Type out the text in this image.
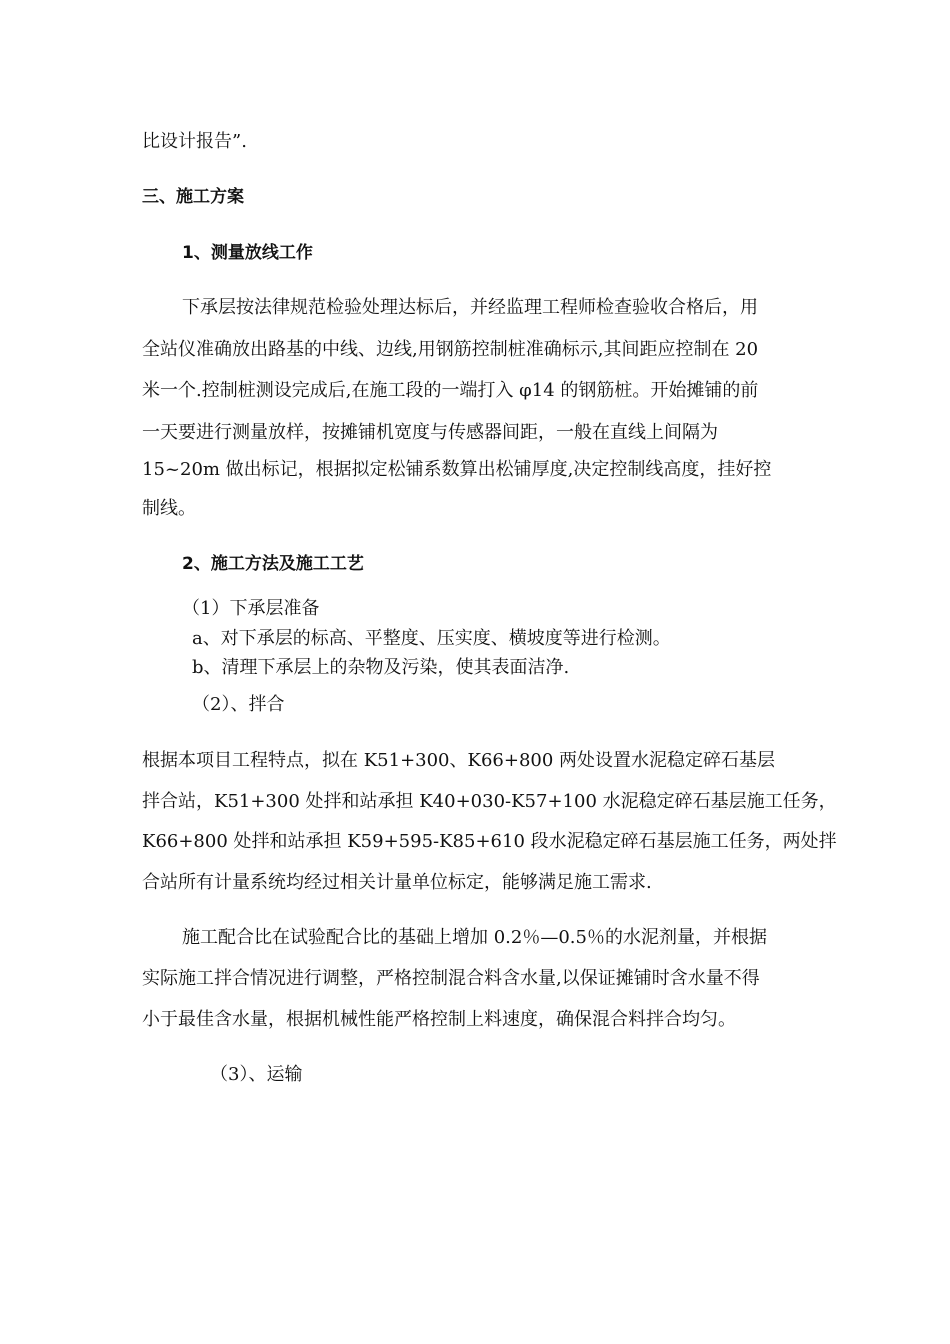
比设计报告”.
三、施工方案
1、测量放线工作
下承层按法律规范检验处理达标后，并经监理工程师检查验收合格后，用
全站仪准确放出路基的中线、边线,用钢筋控制桩准确标示,其间距应控制在 20
米一个.控制桩测设完成后,在施工段的一端打入 φ14 的钢筋桩。开始摊铺的前
一天要进行测量放样，按摊铺机宽度与传感器间距，一般在直线上间隔为
15~20m 做出标记，根据拟定松铺系数算出松铺厚度,决定控制线高度，挂好控
制线。
2、施工方法及施工工艺
（1）下承层准备
a、对下承层的标高、平整度、压实度、横坡度等进行检测。
b、清理下承层上的杂物及污染，使其表面洁净.
（2）、拌合
根据本项目工程特点，拟在 K51+300、K66+800 两处设置水泥稳定碎石基层
拌合站，K51+300 处拌和站承担 K40+030-K57+100 水泥稳定碎石基层施工任务，
K66+800 处拌和站承担 K59+595-K85+610 段水泥稳定碎石基层施工任务，两处拌
合站所有计量系统均经过相关计量单位标定，能够满足施工需求.
施工配合比在试验配合比的基础上增加 0.2％—0.5％的水泥剂量，并根据
实际施工拌合情况进行调整，严格控制混合料含水量,以保证摊铺时含水量不得
小于最佳含水量，根据机械性能严格控制上料速度，确保混合料拌合均匀。
（3）、运输
